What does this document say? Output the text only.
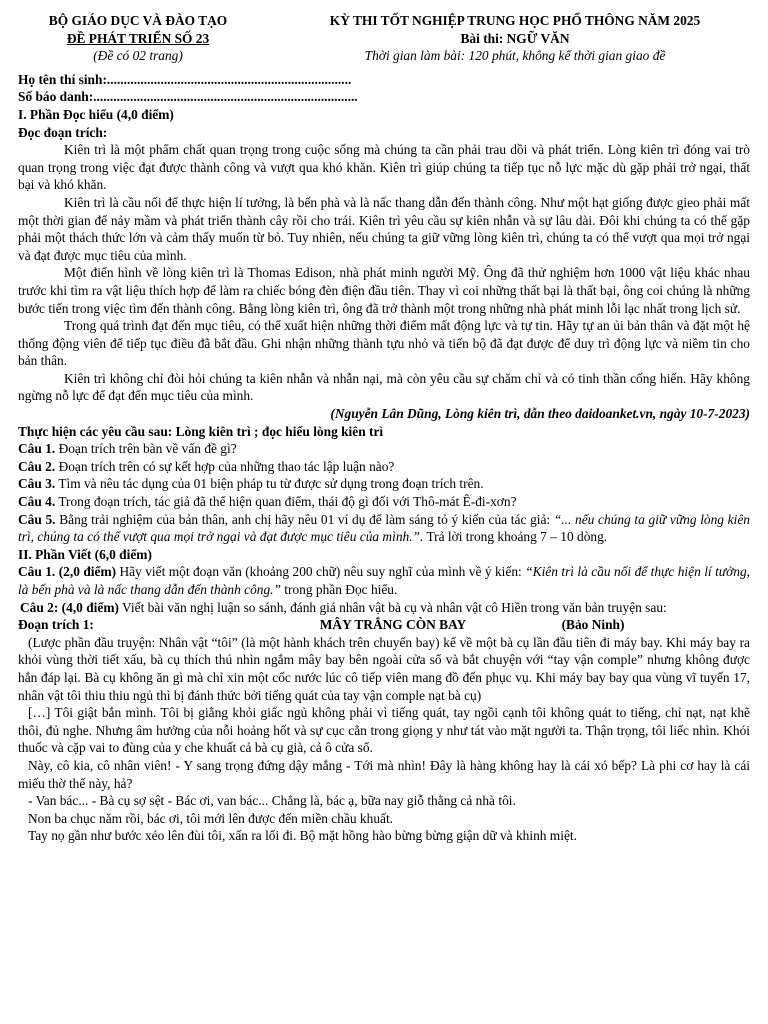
BỘ GIÁO DỤC VÀ ĐÀO TẠO
ĐỀ PHÁT TRIỂN SỐ 23
(Đề có 02 trang)
KỲ THI TỐT NGHIỆP TRUNG HỌC PHỔ THÔNG NĂM 2025
Bài thi: NGỮ VĂN
Thời gian làm bài: 120 phút, không kể thời gian giao đề
Họ tên thí sinh:.........................................................................
Số báo danh:...............................................................................
I. Phần Đọc hiểu (4,0 điểm)
Đọc đoạn trích:

Kiên trì là một phẩm chất quan trọng trong cuộc sống mà chúng ta cần phải trau dồi và phát triển. Lòng kiên trì đóng vai trò quan trọng trong việc đạt được thành công và vượt qua khó khăn. Kiên trì giúp chúng ta tiếp tục nỗ lực mặc dù gặp phải trở ngại, thất bại và khó khăn.

Kiên trì là cầu nối để thực hiện lí tưởng, là bến phà và là nấc thang dẫn đến thành công. Như một hạt giống được gieo phải mất một thời gian để nảy mầm và phát triển thành cây rồi cho trái. Kiên trì yêu cầu sự kiên nhẫn và sự lâu dài. Đôi khi chúng ta có thể gặp phải một thách thức lớn và cảm thấy muốn từ bỏ. Tuy nhiên, nếu chúng ta giữ vững lòng kiên trì, chúng ta có thể vượt qua mọi trở ngại và đạt được mục tiêu của mình.

Một điển hình về lòng kiên trì là Thomas Edison, nhà phát minh người Mỹ. Ông đã thử nghiệm hơn 1000 vật liệu khác nhau trước khi tìm ra vật liệu thích hợp để làm ra chiếc bóng đèn điện đầu tiên. Thay vì coi những thất bại là thất bại, ông coi chúng là những bước tiến trong việc tìm đến thành công. Bằng lòng kiên trì, ông đã trở thành một trong những nhà phát minh lỗi lạc nhất trong lịch sử.

Trong quá trình đạt đến mục tiêu, có thể xuất hiện những thời điểm mất động lực và tự tin. Hãy tự an ủi bản thân và đặt một hệ thống động viên để tiếp tục điều đã bắt đầu. Ghi nhận những thành tựu nhỏ và tiến bộ đã đạt được để duy trì động lực và niềm tin cho bản thân.

Kiên trì không chỉ đòi hỏi chúng ta kiên nhẫn và nhẫn nại, mà còn yêu cầu sự chăm chỉ và có tinh thần cống hiến. Hãy không ngừng nỗ lực để đạt đến mục tiêu của mình.

(Nguyễn Lân Dũng, Lòng kiên trì, dẫn theo daidoanket.vn, ngày 10-7-2023)
Thực hiện các yêu cầu sau: Lòng kiên trì ; đọc hiểu lòng kiên trì

Câu 1. Đoạn trích trên bàn về vấn đề gì?

Câu 2. Đoạn trích trên có sự kết hợp của những thao tác lập luận nào?

Câu 3. Tìm và nêu tác dụng của 01 biện pháp tu từ được sử dụng trong đoạn trích trên.

Câu 4. Trong đoạn trích, tác giả đã thể hiện quan điểm, thái độ gì đối với Thô-mát Ê-đi-xơn?

Câu 5. Bằng trải nghiệm của bản thân, anh chị hãy nêu 01 ví dụ để làm sáng tỏ ý kiến của tác giả: “... nếu chúng ta giữ vững lòng kiên trì, chúng ta có thể vượt qua mọi trở ngại và đạt được mục tiêu của mình.”. Trả lời trong khoảng 7 – 10 dòng.

II. Phần Viết (6,0 điểm)

Câu 1. (2,0 điểm) Hãy viết một đoạn văn (khoảng 200 chữ) nêu suy nghĩ của mình về ý kiến: “Kiên trì là cầu nối để thực hiện lí tưởng, là bến phà và là nấc thang dẫn đến thành công.” trong phần Đọc hiểu.

Câu 2: (4,0 điểm) Viết bài văn nghị luận so sánh, đánh giá nhân vật bà cụ và nhân vật cô Hiền trong văn bản truyện sau:

Đoạn trích 1:	MÂY TRẮNG CÒN BAY	(Bảo Ninh)

(Lược phần đầu truyện: Nhân vật “tôi” (là một hành khách trên chuyến bay) kể về một bà cụ lần đầu tiên đi máy bay. Khi máy bay ra khỏi vùng thời tiết xấu, bà cụ thích thú nhìn ngắm mây bay bên ngoài cửa sổ và bắt chuyện với “tay vận comple” nhưng không được hắn đáp lại. Bà cụ không ăn gì mà chỉ xin một cốc nước lúc cô tiếp viên mang đồ đến phục vụ. Khi máy bay bay qua vùng vĩ tuyến 17, nhân vật tôi thiu thiu ngủ thì bị đánh thức bởi tiếng quát của tay vận comple nạt bà cụ)

[…] Tôi giật bắn mình. Tôi bị giằng khỏi giấc ngủ không phải vì tiếng quát, tay ngồi cạnh tôi không quát to tiếng, chỉ nạt, nạt khẽ thôi, đủ nghe. Nhưng âm hưởng của nỗi hoảng hốt và sự cục cằn trong giọng y như tát vào mặt người ta. Thận trọng, tôi liếc nhìn. Khói thuốc và cặp vai to đùng của y che khuất cả bà cụ già, cả ô cửa sổ.

Này, cô kia, cô nhân viên! - Y sang trọng đứng dậy mắng - Tới mà nhìn! Đây là hàng không hay là cái xó bếp? Là phi cơ hay là cái miếu thờ thế này, hả?

- Van bác... - Bà cụ sợ sệt - Bác ơi, van bác... Chẳng là, bác ạ, bữa nay giỗ thằng cả nhà tôi.

Non ba chục năm rồi, bác ơi, tôi mới lên được đến miền chầu khuất.

Tay nọ gần như bước xéo lên đùi tôi, xấn ra lối đi. Bộ mặt hồng hào bừng bừng giận dữ và khinh miệt.
